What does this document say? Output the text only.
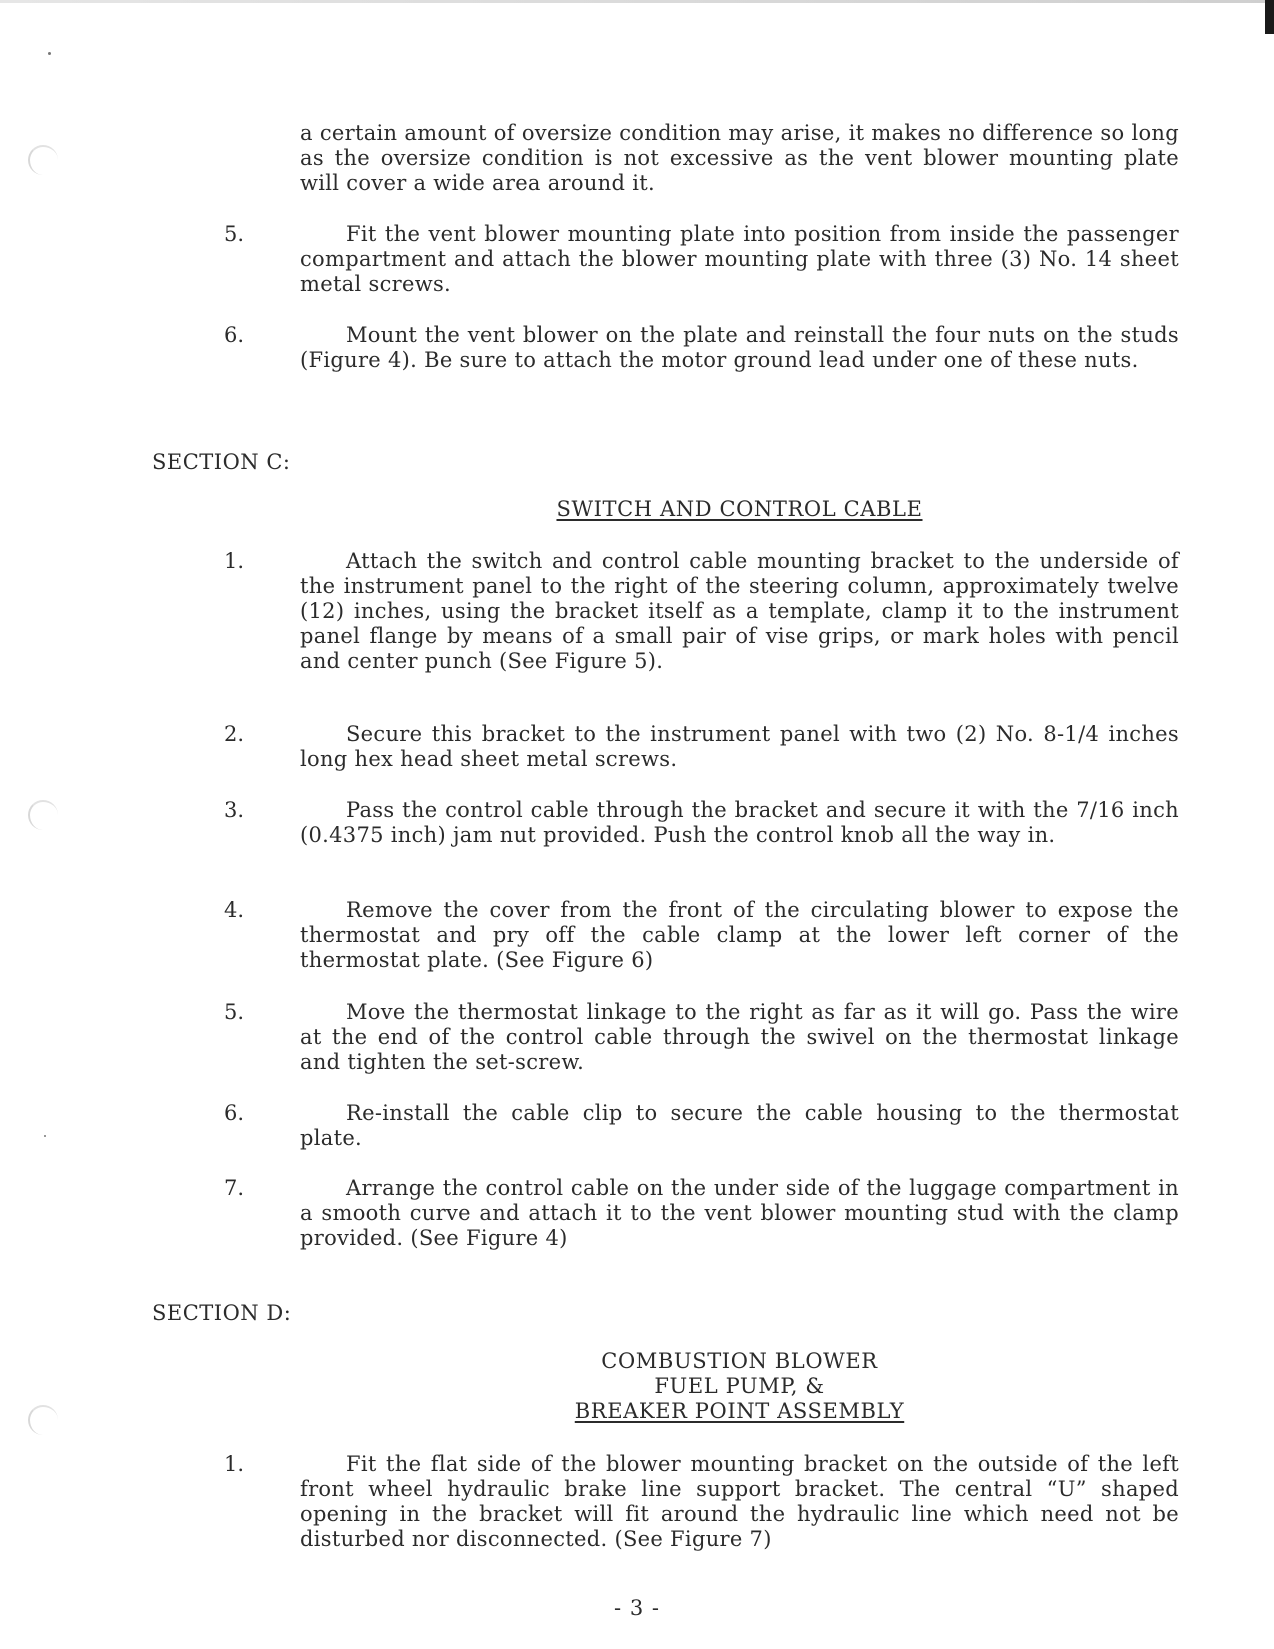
a certain amount of oversize condition may arise, it makes no difference so long as the oversize condition is not excessive as the vent blower mounting plate will cover a wide area around it.

5.	Fit the vent blower mounting plate into position from inside the passenger compartment and attach the blower mounting plate with three (3) No. 14 sheet metal screws.

6.	Mount the vent blower on the plate and reinstall the four nuts on the studs (Figure 4). Be sure to attach the motor ground lead under one of these nuts.

SECTION C:
SWITCH AND CONTROL CABLE
1.	Attach the switch and control cable mounting bracket to the underside of the instrument panel to the right of the steering column, approximately twelve (12) inches, using the bracket itself as a template, clamp it to the instrument panel flange by means of a small pair of vise grips, or mark holes with pencil and center punch (See Figure 5).

2.	Secure this bracket to the instrument panel with two (2) No. 8-1/4 inches long hex head sheet metal screws.

3.	Pass the control cable through the bracket and secure it with the 7/16 inch (0.4375 inch) jam nut provided. Push the control knob all the way in.

4.	Remove the cover from the front of the circulating blower to expose the thermostat and pry off the cable clamp at the lower left corner of the thermostat plate. (See Figure 6)

5.	Move the thermostat linkage to the right as far as it will go. Pass the wire at the end of the control cable through the swivel on the thermostat linkage and tighten the set-screw.

6.	Re-install the cable clip to secure the cable housing to the thermostat plate.

7.	Arrange the control cable on the under side of the luggage compartment in a smooth curve and attach it to the vent blower mounting stud with the clamp provided. (See Figure 4)

SECTION D:
COMBUSTION BLOWER
FUEL PUMP, &
BREAKER POINT ASSEMBLY
1.	Fit the flat side of the blower mounting bracket on the outside of the left front wheel hydraulic brake line support bracket. The central “U” shaped opening in the bracket will fit around the hydraulic line which need not be disturbed nor disconnected. (See Figure 7)

- 3 -
